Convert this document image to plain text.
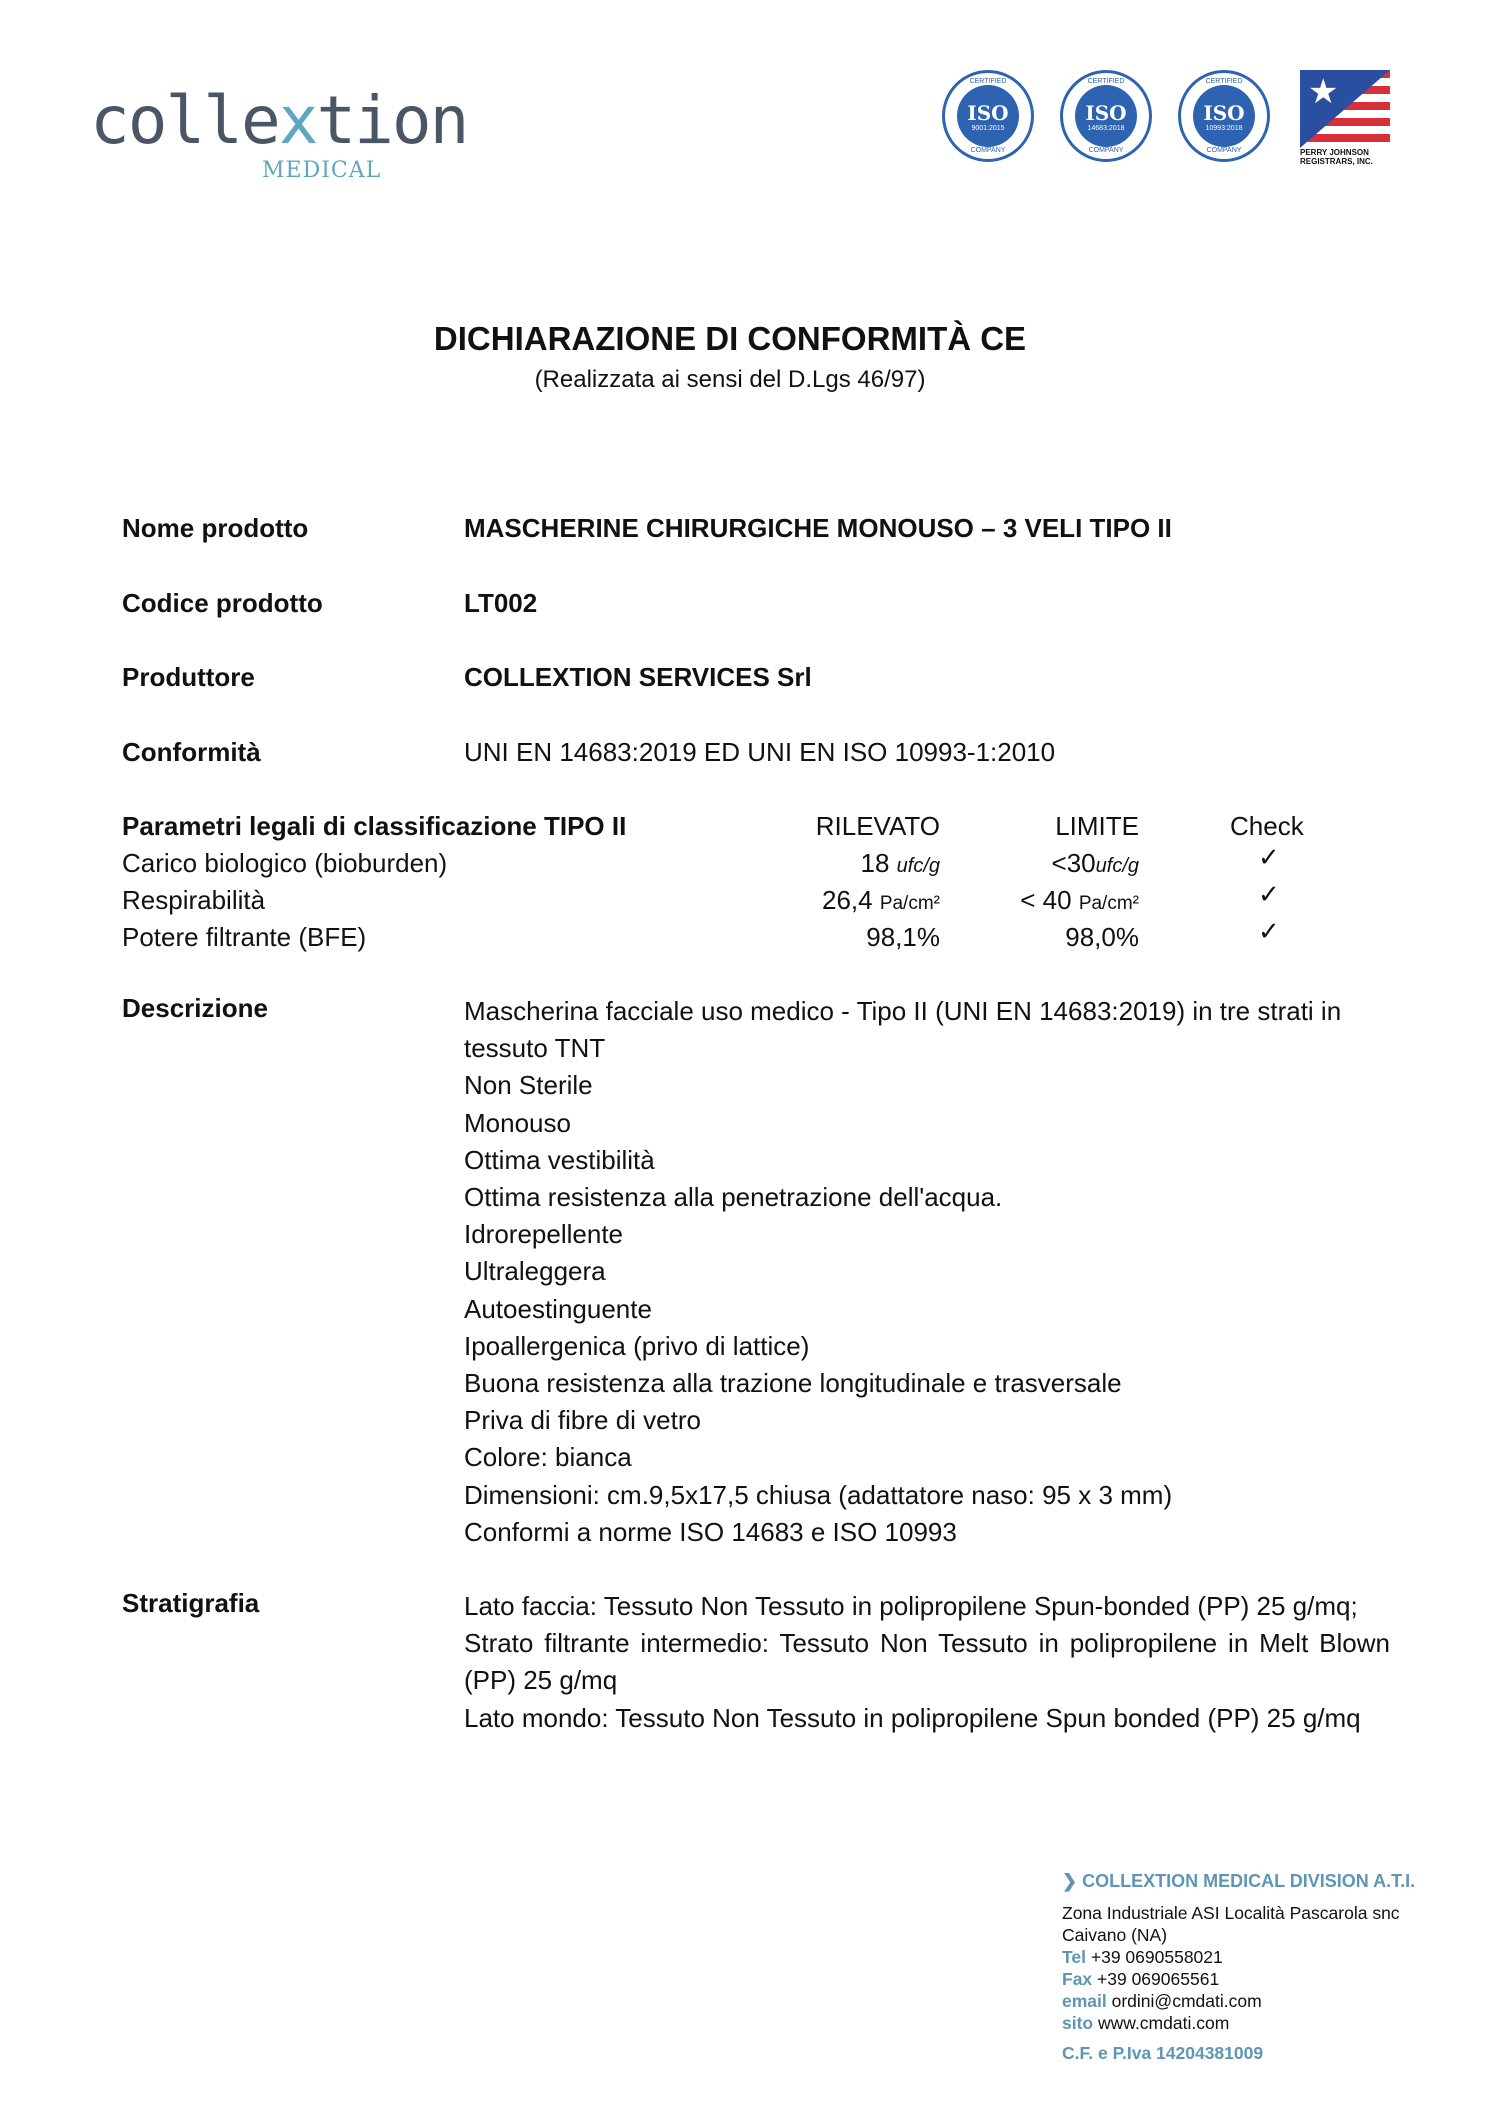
collextion
MEDICAL
CERTIFIED
ISO
9001:2015
COMPANY
CERTIFIED
ISO
14683:2018
COMPANY
CERTIFIED
ISO
10993:2018
COMPANY
★
PERRY JOHNSON REGISTRARS, INC.
DICHIARAZIONE DI CONFORMITÀ CE
(Realizzata ai sensi del D.Lgs 46/97)
Nome prodotto	MASCHERINE CHIRURGICHE MONOUSO – 3 VELI TIPO II
Codice prodotto	LT002
Produttore	COLLEXTION SERVICES Srl
Conformità	UNI EN 14683:2019 ED UNI EN ISO 10993-1:2010
Parametri legali di classificazione TIPO II	RILEVATO	LIMITE	Check
Carico biologico (bioburden)	18 ufc/g	<30ufc/g	✓
Respirabilità	26,4 Pa/cm²	< 40 Pa/cm²	✓
Potere filtrante (BFE)	98,1%	98,0%	✓
Descrizione	Mascherina facciale uso medico - Tipo II (UNI EN 14683:2019) in tre strati in tessuto TNT
Non Sterile
Monouso
Ottima vestibilità
Ottima resistenza alla penetrazione dell'acqua.
Idrorepellente
Ultraleggera
Autoestinguente
Ipoallergenica (privo di lattice)
Buona resistenza alla trazione longitudinale e trasversale
Priva di fibre di vetro
Colore: bianca
Dimensioni: cm.9,5x17,5 chiusa (adattatore naso: 95 x 3 mm)
Conformi a norme ISO 14683 e ISO 10993
Stratigrafia	Lato faccia: Tessuto Non Tessuto in polipropilene Spun-bonded (PP) 25 g/mq;
Strato filtrante intermedio: Tessuto Non Tessuto in polipropilene in Melt Blown (PP) 25 g/mq
Lato mondo: Tessuto Non Tessuto in polipropilene Spun bonded (PP) 25 g/mq
❯ COLLEXTION MEDICAL DIVISION A.T.I.
Zona Industriale ASI Località Pascarola snc
Caivano (NA)
Tel +39 0690558021
Fax +39 069065561
email ordini@cmdati.com
sito www.cmdati.com
C.F. e P.Iva 14204381009
